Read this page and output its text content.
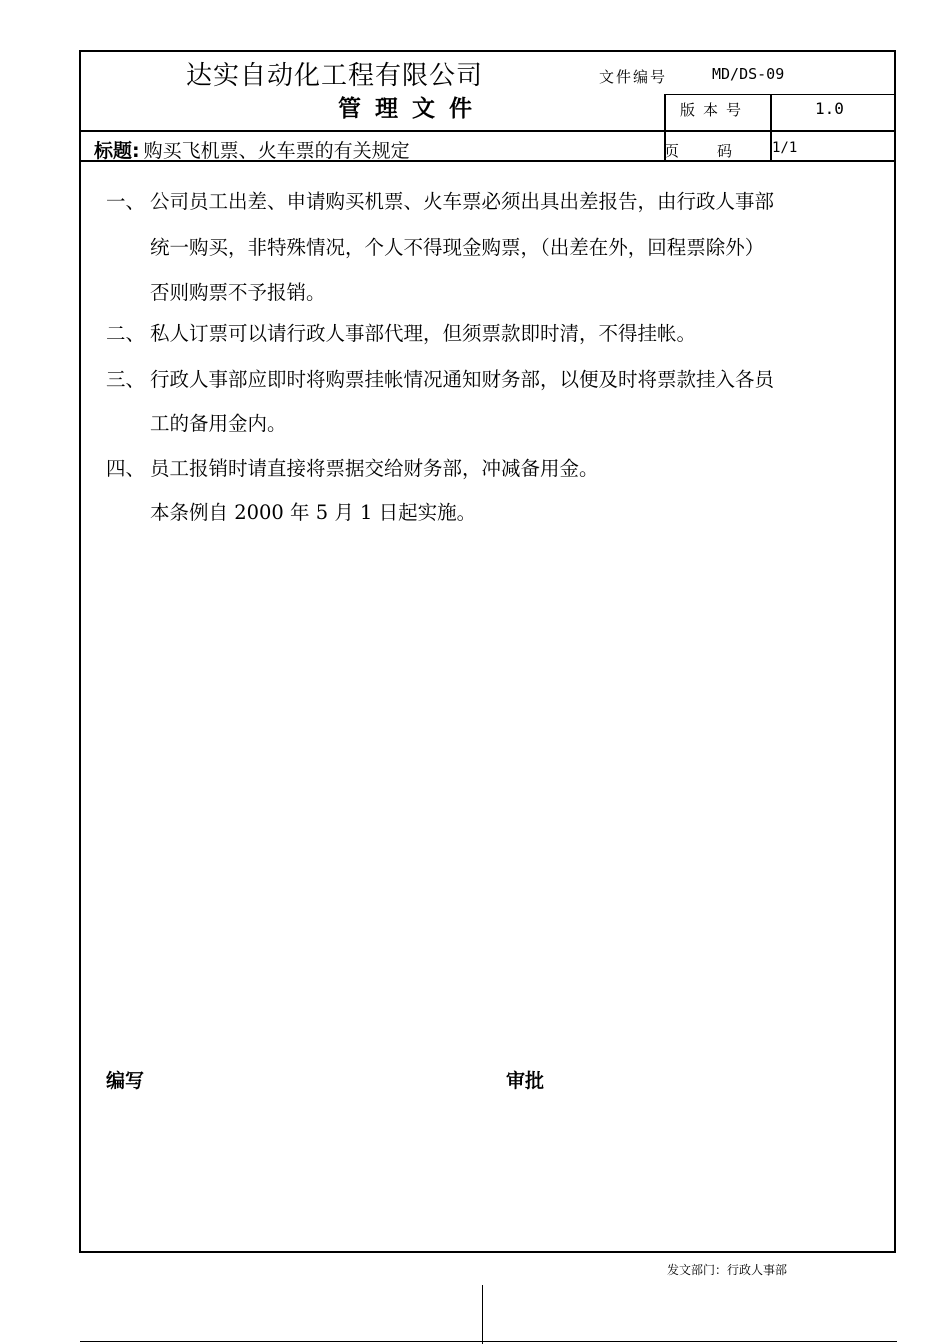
达实自动化工程有限公司
管理文件
文件编号	MD/DS-09
版本号	1.0
页码 1/1
标题: 购买飞机票、火车票的有关规定
一、 公司员工出差、申请购买机票、火车票必须出具出差报告，由行政人事部
统一购买，非特殊情况，个人不得现金购票，（出差在外，回程票除外）
否则购票不予报销。
二、 私人订票可以请行政人事部代理，但须票款即时清，不得挂帐。
三、 行政人事部应即时将购票挂帐情况通知财务部，以便及时将票款挂入各员
工的备用金内。
四、 员工报销时请直接将票据交给财务部，冲减备用金。
本条例自 2000 年 5 月 1 日起实施。
编写	审批
发文部门：行政人事部
